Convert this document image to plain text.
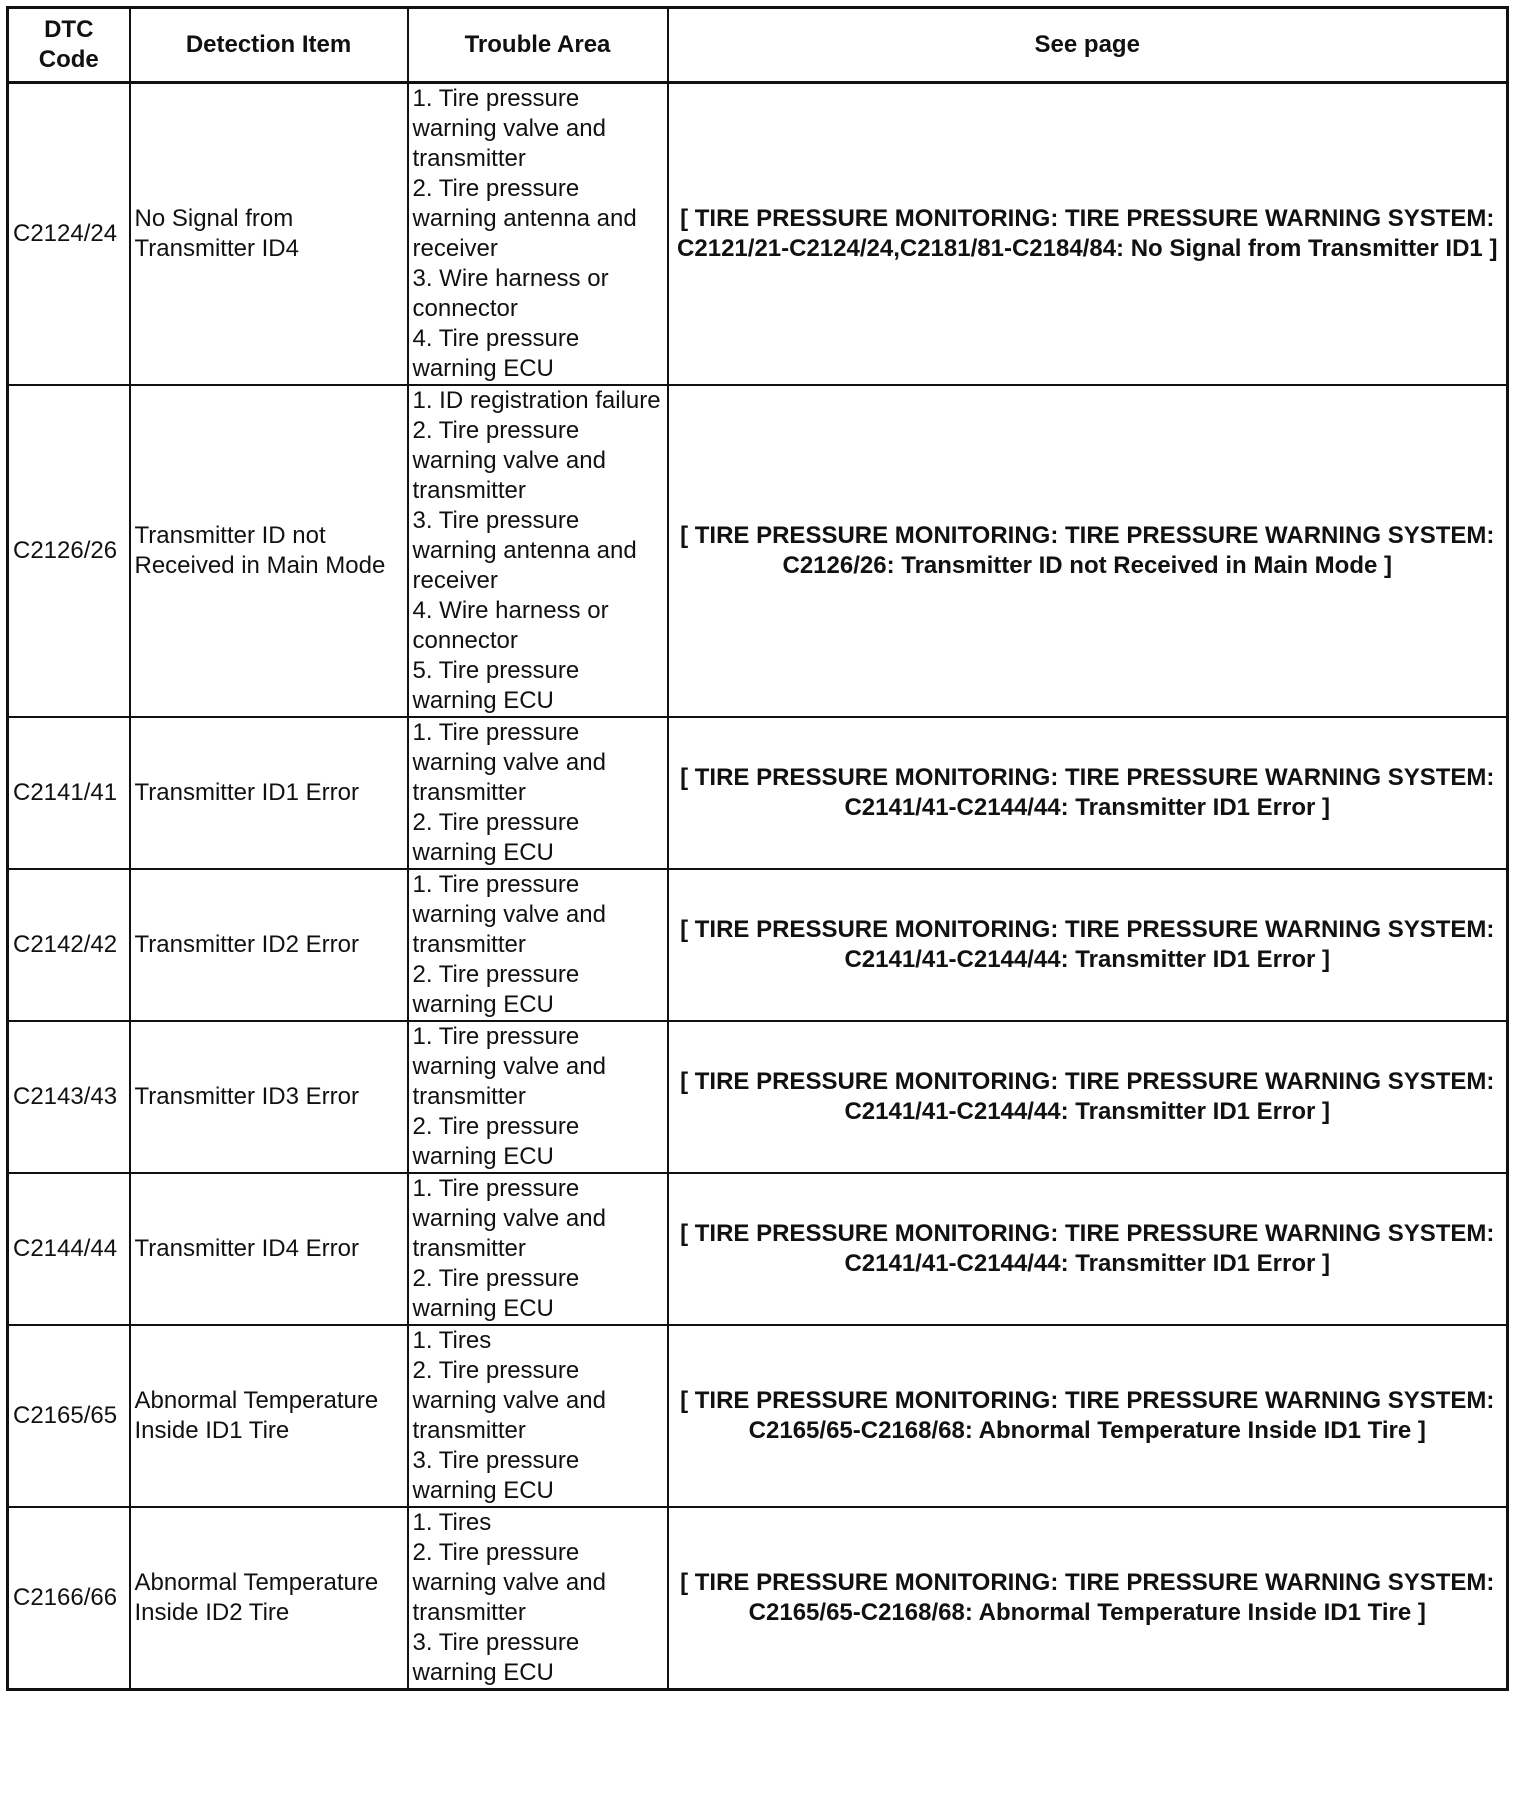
DTC Code	Detection Item	Trouble Area	See page
C2124/24	No Signal from Transmitter ID4	1. Tire pressure warning valve and transmitter
2. Tire pressure warning antenna and receiver
3. Wire harness or connector
4. Tire pressure warning ECU	[ TIRE PRESSURE MONITORING: TIRE PRESSURE WARNING SYSTEM: C2121/21-C2124/24,C2181/81-C2184/84: No Signal from Transmitter ID1 ]
C2126/26	Transmitter ID not Received in Main Mode	1. ID registration failure
2. Tire pressure warning valve and transmitter
3. Tire pressure warning antenna and receiver
4. Wire harness or connector
5. Tire pressure warning ECU	[ TIRE PRESSURE MONITORING: TIRE PRESSURE WARNING SYSTEM: C2126/26: Transmitter ID not Received in Main Mode ]
C2141/41	Transmitter ID1 Error	1. Tire pressure warning valve and transmitter
2. Tire pressure warning ECU	[ TIRE PRESSURE MONITORING: TIRE PRESSURE WARNING SYSTEM: C2141/41-C2144/44: Transmitter ID1 Error ]
C2142/42	Transmitter ID2 Error	1. Tire pressure warning valve and transmitter
2. Tire pressure warning ECU	[ TIRE PRESSURE MONITORING: TIRE PRESSURE WARNING SYSTEM: C2141/41-C2144/44: Transmitter ID1 Error ]
C2143/43	Transmitter ID3 Error	1. Tire pressure warning valve and transmitter
2. Tire pressure warning ECU	[ TIRE PRESSURE MONITORING: TIRE PRESSURE WARNING SYSTEM: C2141/41-C2144/44: Transmitter ID1 Error ]
C2144/44	Transmitter ID4 Error	1. Tire pressure warning valve and transmitter
2. Tire pressure warning ECU	[ TIRE PRESSURE MONITORING: TIRE PRESSURE WARNING SYSTEM: C2141/41-C2144/44: Transmitter ID1 Error ]
C2165/65	Abnormal Temperature Inside ID1 Tire	1. Tires
2. Tire pressure warning valve and transmitter
3. Tire pressure warning ECU	[ TIRE PRESSURE MONITORING: TIRE PRESSURE WARNING SYSTEM: C2165/65-C2168/68: Abnormal Temperature Inside ID1 Tire ]
C2166/66	Abnormal Temperature Inside ID2 Tire	1. Tires
2. Tire pressure warning valve and transmitter
3. Tire pressure warning ECU	[ TIRE PRESSURE MONITORING: TIRE PRESSURE WARNING SYSTEM: C2165/65-C2168/68: Abnormal Temperature Inside ID1 Tire ]
